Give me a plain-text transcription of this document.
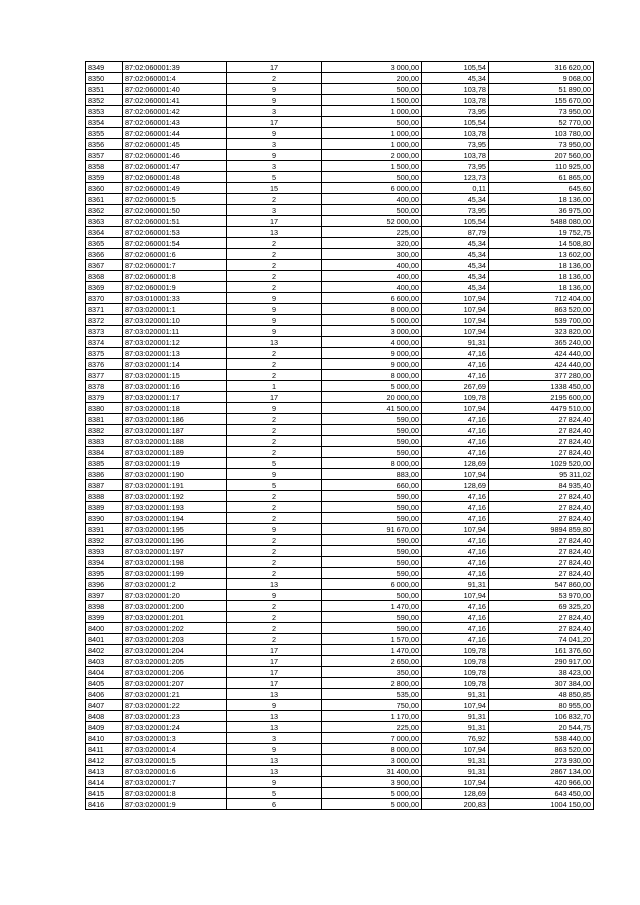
8349	87:02:060001:39	17	3 000,00	105,54	316 620,00
8350	87:02:060001:4	2	200,00	45,34	9 068,00
8351	87:02:060001:40	9	500,00	103,78	51 890,00
8352	87:02:060001:41	9	1 500,00	103,78	155 670,00
8353	87:02:060001:42	3	1 000,00	73,95	73 950,00
8354	87:02:060001:43	17	500,00	105,54	52 770,00
8355	87:02:060001:44	9	1 000,00	103,78	103 780,00
8356	87:02:060001:45	3	1 000,00	73,95	73 950,00
8357	87:02:060001:46	9	2 000,00	103,78	207 560,00
8358	87:02:060001:47	3	1 500,00	73,95	110 925,00
8359	87:02:060001:48	5	500,00	123,73	61 865,00
8360	87:02:060001:49	15	6 000,00	0,11	645,60
8361	87:02:060001:5	2	400,00	45,34	18 136,00
8362	87:02:060001:50	3	500,00	73,95	36 975,00
8363	87:02:060001:51	17	52 000,00	105,54	5488 080,00
8364	87:02:060001:53	13	225,00	87,79	19 752,75
8365	87:02:060001:54	2	320,00	45,34	14 508,80
8366	87:02:060001:6	2	300,00	45,34	13 602,00
8367	87:02:060001:7	2	400,00	45,34	18 136,00
8368	87:02:060001:8	2	400,00	45,34	18 136,00
8369	87:02:060001:9	2	400,00	45,34	18 136,00
8370	87:03:010001:33	9	6 600,00	107,94	712 404,00
8371	87:03:020001:1	9	8 000,00	107,94	863 520,00
8372	87:03:020001:10	9	5 000,00	107,94	539 700,00
8373	87:03:020001:11	9	3 000,00	107,94	323 820,00
8374	87:03:020001:12	13	4 000,00	91,31	365 240,00
8375	87:03:020001:13	2	9 000,00	47,16	424 440,00
8376	87:03:020001:14	2	9 000,00	47,16	424 440,00
8377	87:03:020001:15	2	8 000,00	47,16	377 280,00
8378	87:03:020001:16	1	5 000,00	267,69	1338 450,00
8379	87:03:020001:17	17	20 000,00	109,78	2195 600,00
8380	87:03:020001:18	9	41 500,00	107,94	4479 510,00
8381	87:03:020001:186	2	590,00	47,16	27 824,40
8382	87:03:020001:187	2	590,00	47,16	27 824,40
8383	87:03:020001:188	2	590,00	47,16	27 824,40
8384	87:03:020001:189	2	590,00	47,16	27 824,40
8385	87:03:020001:19	5	8 000,00	128,69	1029 520,00
8386	87:03:020001:190	9	883,00	107,94	95 311,02
8387	87:03:020001:191	5	660,00	128,69	84 935,40
8388	87:03:020001:192	2	590,00	47,16	27 824,40
8389	87:03:020001:193	2	590,00	47,16	27 824,40
8390	87:03:020001:194	2	590,00	47,16	27 824,40
8391	87:03:020001:195	9	91 670,00	107,94	9894 859,80
8392	87:03:020001:196	2	590,00	47,16	27 824,40
8393	87:03:020001:197	2	590,00	47,16	27 824,40
8394	87:03:020001:198	2	590,00	47,16	27 824,40
8395	87:03:020001:199	2	590,00	47,16	27 824,40
8396	87:03:020001:2	13	6 000,00	91,31	547 860,00
8397	87:03:020001:20	9	500,00	107,94	53 970,00
8398	87:03:020001:200	2	1 470,00	47,16	69 325,20
8399	87:03:020001:201	2	590,00	47,16	27 824,40
8400	87:03:020001:202	2	590,00	47,16	27 824,40
8401	87:03:020001:203	2	1 570,00	47,16	74 041,20
8402	87:03:020001:204	17	1 470,00	109,78	161 376,60
8403	87:03:020001:205	17	2 650,00	109,78	290 917,00
8404	87:03:020001:206	17	350,00	109,78	38 423,00
8405	87:03:020001:207	17	2 800,00	109,78	307 384,00
8406	87:03:020001:21	13	535,00	91,31	48 850,85
8407	87:03:020001:22	9	750,00	107,94	80 955,00
8408	87:03:020001:23	13	1 170,00	91,31	106 832,70
8409	87:03:020001:24	13	225,00	91,31	20 544,75
8410	87:03:020001:3	3	7 000,00	76,92	538 440,00
8411	87:03:020001:4	9	8 000,00	107,94	863 520,00
8412	87:03:020001:5	13	3 000,00	91,31	273 930,00
8413	87:03:020001:6	13	31 400,00	91,31	2867 134,00
8414	87:03:020001:7	9	3 900,00	107,94	420 966,00
8415	87:03:020001:8	5	5 000,00	128,69	643 450,00
8416	87:03:020001:9	6	5 000,00	200,83	1004 150,00
